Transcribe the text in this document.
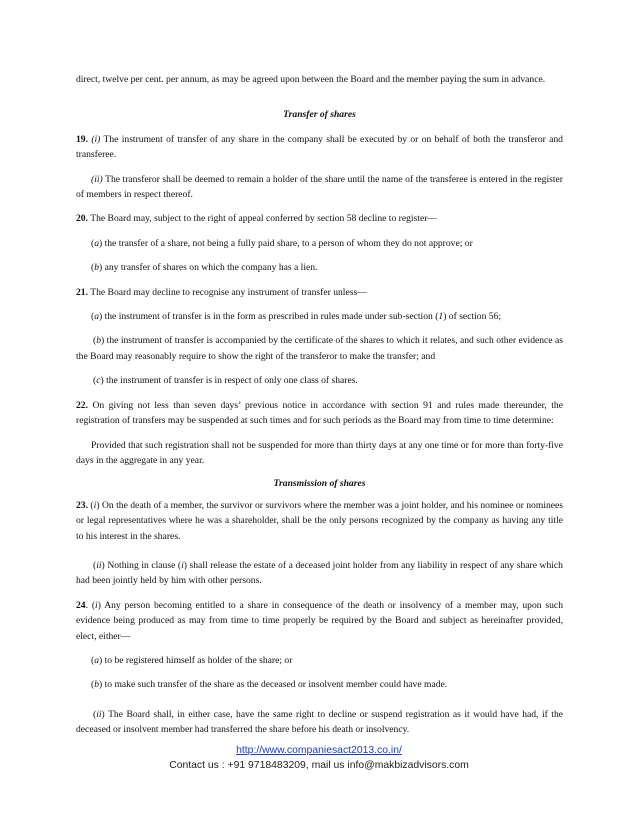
direct, twelve per cent. per annum, as may be agreed upon between the Board and the member paying the sum in advance.

Transfer of shares

19. (i) The instrument of transfer of any share in the company shall be executed by or on behalf of both the transferor and transferee.

(ii) The transferor shall be deemed to remain a holder of the share until the name of the transferee is entered in the register of members in respect thereof.

20. The Board may, subject to the right of appeal conferred by section 58 decline to register—

(a) the transfer of a share, not being a fully paid share, to a person of whom they do not approve; or

(b) any transfer of shares on which the company has a lien.

21. The Board may decline to recognise any instrument of transfer unless—

(a) the instrument of transfer is in the form as prescribed in rules made under sub-section (1) of section 56;

(b) the instrument of transfer is accompanied by the certificate of the shares to which it relates, and such other evidence as the Board may reasonably require to show the right of the transferor to make the transfer; and

(c) the instrument of transfer is in respect of only one class of shares.

22. On giving not less than seven days’ previous notice in accordance with section 91 and rules made thereunder, the registration of transfers may be suspended at such times and for such periods as the Board may from time to time determine:

Provided that such registration shall not be suspended for more than thirty days at any one time or for more than forty-five days in the aggregate in any year.

Transmission of shares

23. (i) On the death of a member, the survivor or survivors where the member was a joint holder, and his nominee or nominees or legal representatives where he was a shareholder, shall be the only persons recognized by the company as having any title to his interest in the shares.

(ii) Nothing in clause (i) shall release the estate of a deceased joint holder from any liability in respect of any share which had been jointly held by him with other persons.

24. (i) Any person becoming entitled to a share in consequence of the death or insolvency of a member may, upon such evidence being produced as may from time to time properly be required by the Board and subject as hereinafter provided, elect, either—

(a) to be registered himself as holder of the share; or

(b) to make such transfer of the share as the deceased or insolvent member could have made.

(ii) The Board shall, in either case, have the same right to decline or suspend registration as it would have had, if the deceased or insolvent member had transferred the share before his death or insolvency.

http://www.companiesact2013.co.in/
Contact us : +91 9718483209, mail us info@makbizadvisors.com
